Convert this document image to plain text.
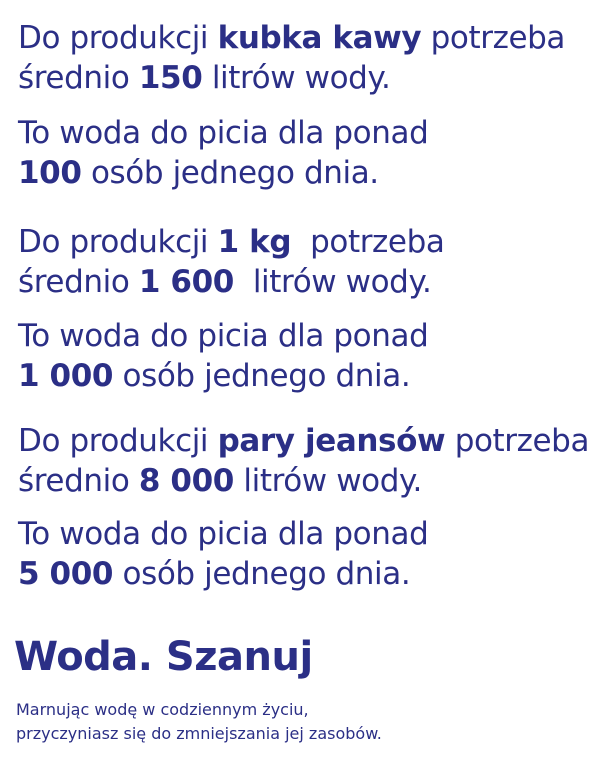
Do produkcji kubka kawy potrzeba
średnio 150 litrów wody.

To woda do picia dla ponad
100 osób jednego dnia.

Do produkcji 1 kg  potrzeba
średnio 1 600  litrów wody.

To woda do picia dla ponad
1 000 osób jednego dnia.

Do produkcji pary jeansów potrzeba
średnio 8 000 litrów wody.

To woda do picia dla ponad
5 000 osób jednego dnia.

Woda. Szanuj

Marnując wodę w codziennym życiu,
przyczyniasz się do zmniejszania jej zasobów.
